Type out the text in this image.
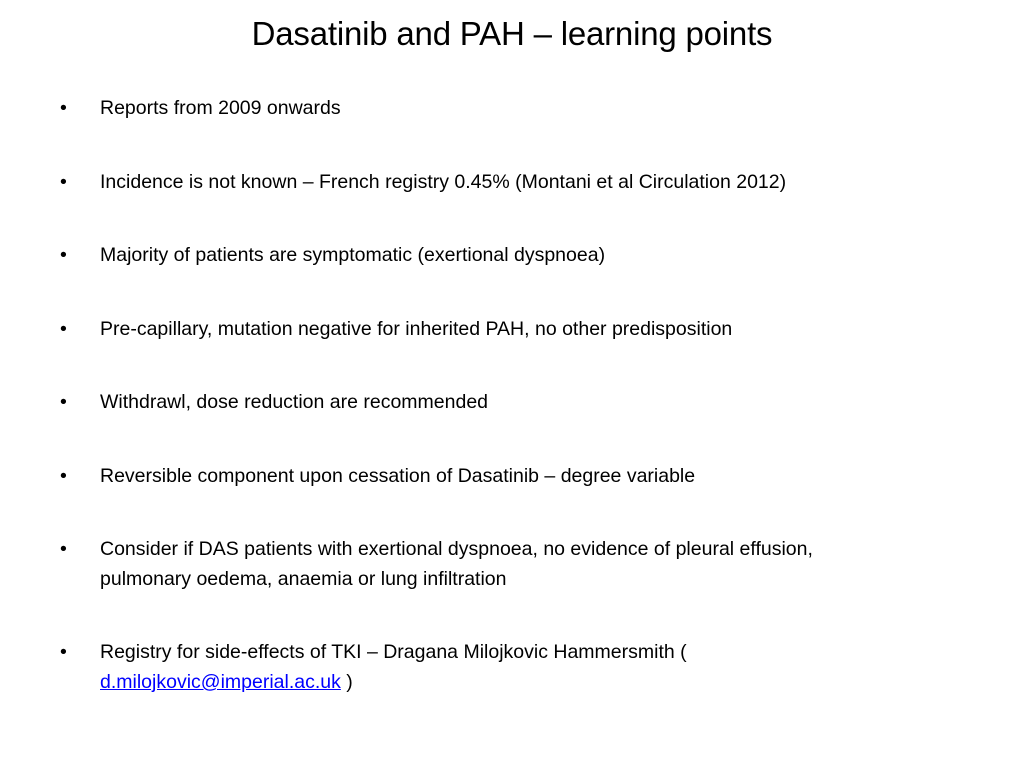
Dasatinib and PAH – learning points
•	Reports from 2009 onwards
•	Incidence is not known – French registry 0.45% (Montani et al Circulation 2012)
•	Majority of patients are symptomatic (exertional dyspnoea)
•	Pre-capillary, mutation negative for inherited PAH, no other predisposition
•	Withdrawl, dose reduction are recommended
•	Reversible component upon cessation of Dasatinib – degree variable
•	Consider if DAS patients with exertional dyspnoea, no evidence of pleural effusion,
pulmonary oedema, anaemia or lung infiltration
•	Registry for side-effects of TKI – Dragana Milojkovic Hammersmith (
d.milojkovic@imperial.ac.uk )
